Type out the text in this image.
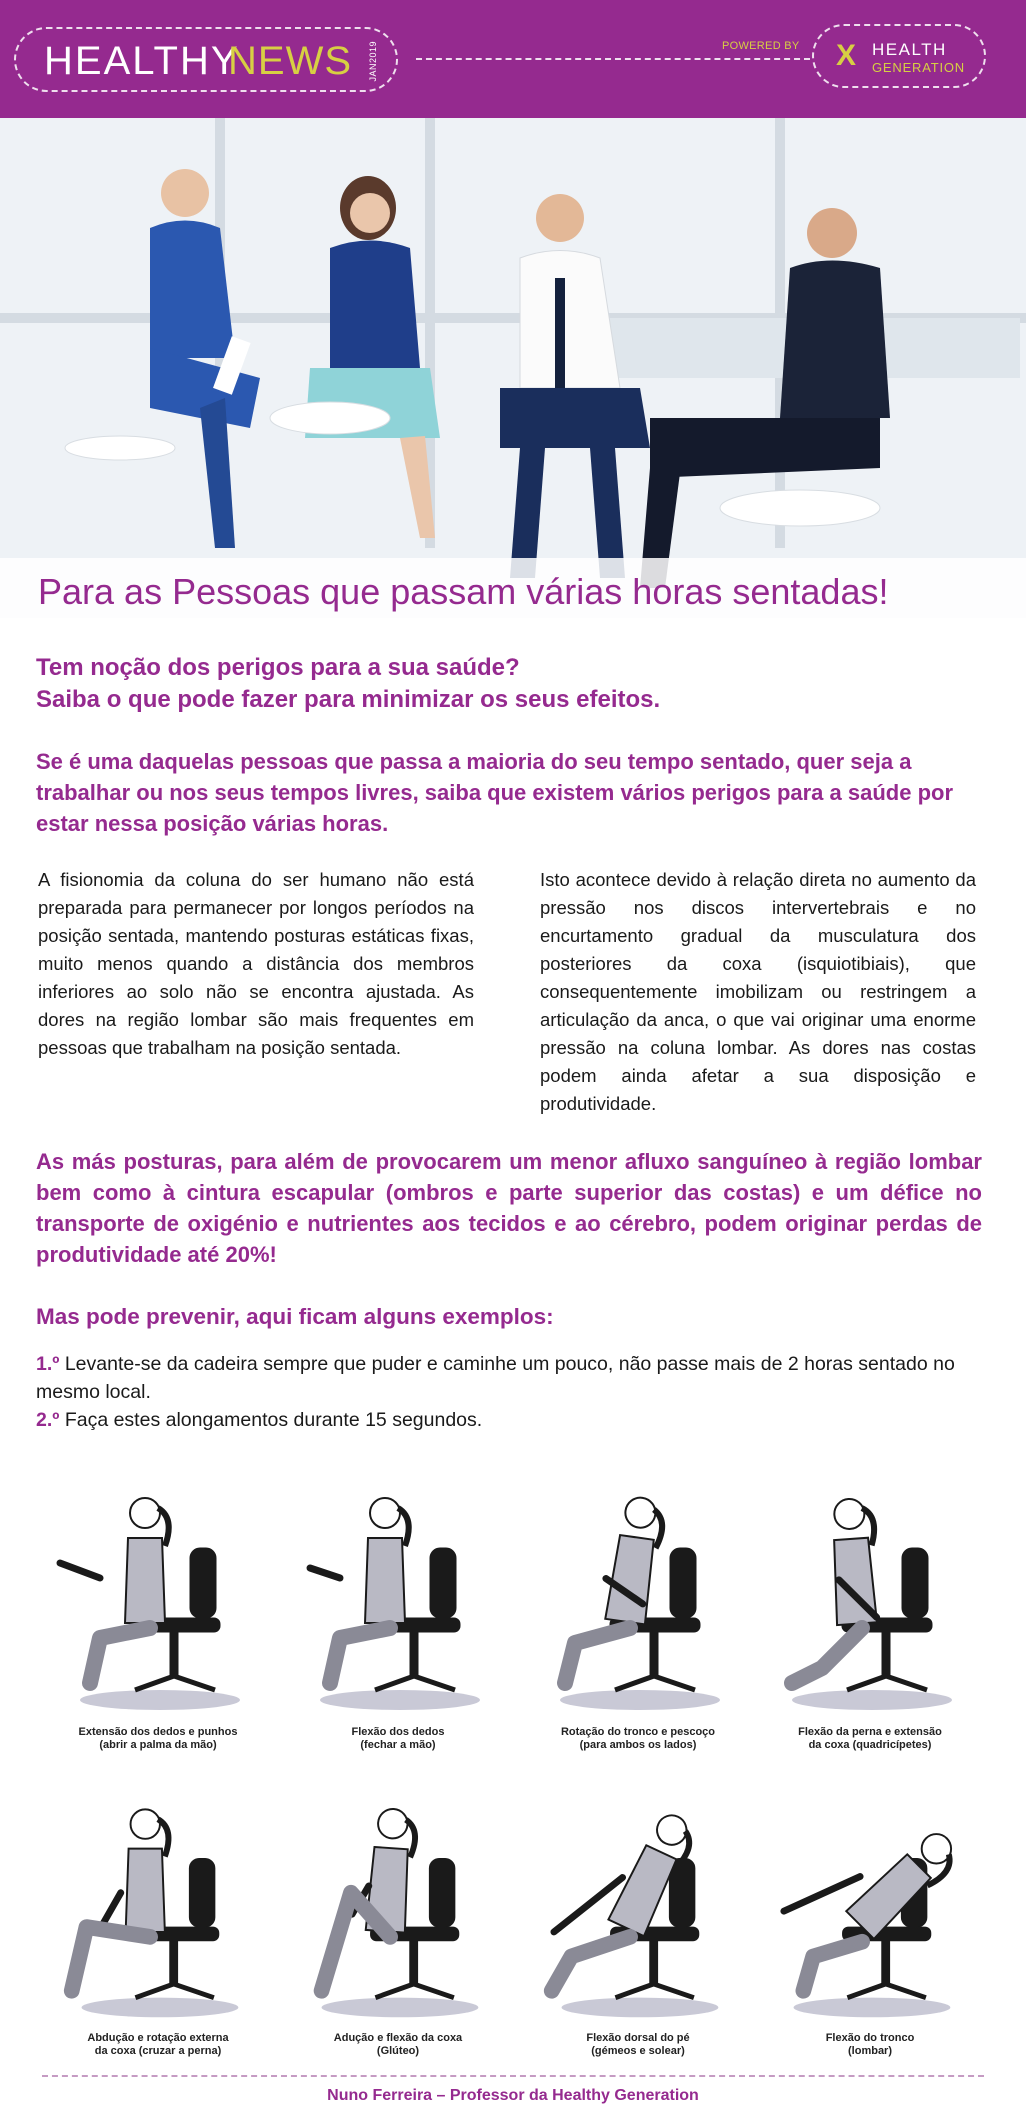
HEALTHY
NEWS JAN2019	POWERED BY X HEALTH
GENERATION
Para as Pessoas que passam várias horas sentadas!
Tem noção dos perigos para a sua saúde?
Saiba o que pode fazer para minimizar os seus efeitos.

Se é uma daquelas pessoas que passa a maioria do seu tempo sentado, quer seja a trabalhar ou nos seus tempos livres, saiba que existem vários perigos para a saúde por estar nessa posição várias horas.

A fisionomia da coluna do ser humano não está preparada para permanecer por longos períodos na posição sentada, mantendo posturas estáticas fixas, muito menos quando a distância dos membros inferiores ao solo não se encontra ajustada. As dores na região lombar são mais frequentes em pessoas que trabalham na posição sentada.

Isto acontece devido à relação direta no aumento da pressão nos discos intervertebrais e no encurtamento gradual da musculatura dos posteriores da coxa (isquiotibiais), que consequentemente imobilizam ou restringem a articulação da anca, o que vai originar uma enorme pressão na coluna lombar. As dores nas costas podem ainda afetar a sua disposição e produtividade.

As más posturas, para além de provocarem um menor afluxo sanguíneo à região lombar bem como à cintura escapular (ombros e parte superior das costas) e um défice no transporte de oxigénio e nutrientes aos tecidos e ao cérebro, podem originar perdas de produtividade até 20%!

Mas pode prevenir, aqui ficam alguns exemplos:
1.º Levante-se da cadeira sempre que puder e caminhe um pouco, não passe mais de 2 horas sentado no mesmo local.
2.º Faça estes alongamentos durante 15 segundos.
Extensão dos dedos e punhos
(abrir a palma da mão)
Flexão dos dedos
(fechar a mão)
Rotação do tronco e pescoço
(para ambos os lados)
Flexão da perna e extensão
da coxa (quadricípetes)
Abdução e rotação externa
da coxa (cruzar a perna)
Adução e flexão da coxa
(Glúteo)
Flexão dorsal do pé
(gémeos e solear)
Flexão do tronco
(lombar)
Nuno Ferreira – Professor da Healthy Generation
